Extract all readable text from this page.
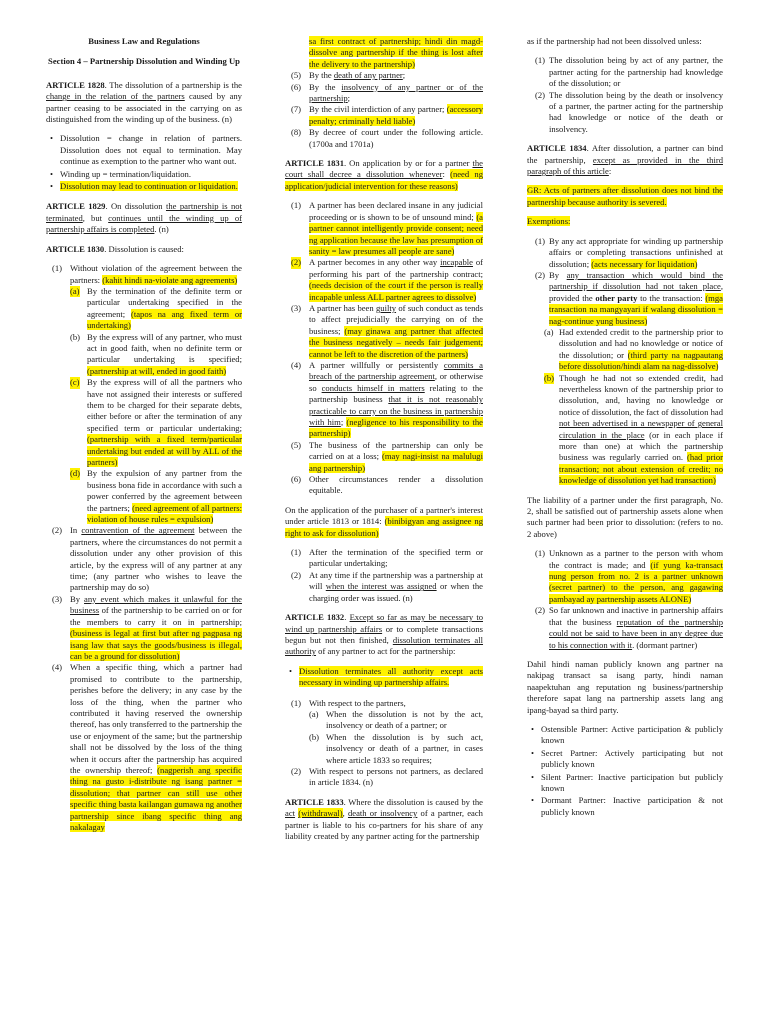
Business Law and Regulations
Section 4 – Partnership Dissolution and Winding Up

ARTICLE 1828. The dissolution of a partnership is the change in the relation of the partners caused by any partner ceasing to be associated in the carrying on as distinguished from the winding up of the business. (n)

• Dissolution = change in relation of partners. Dissolution does not equal to termination. May continue as exemption to the partner who want out.
• Winding up = termination/liquidation.
• Dissolution may lead to continuation or liquidation.

ARTICLE 1829. On dissolution the partnership is not terminated, but continues until the winding up of partnership affairs is completed. (n)

ARTICLE 1830. Dissolution is caused:

(1) Without violation of the agreement between the partners: (kahit hindi na-violate ang agreements)
(a) By the termination of the definite term or particular undertaking specified in the agreement; (tapos na ang fixed term or undertaking)
(b) By the express will of any partner, who must act in good faith, when no definite term or particular undertaking is specified; (partnership at will, ended in good faith)
(c) By the express will of all the partners who have not assigned their interests or suffered them to be charged for their separate debts, either before or after the termination of any specified term or particular undertaking; (partnership with a fixed term/particular undertaking but ended at will by ALL of the partners)
(d) By the expulsion of any partner from the business bona fide in accordance with such a power conferred by the agreement between the partners; (need agreement of all partners: violation of house rules = expulsion)
(2) In contravention of the agreement between the partners, where the circumstances do not permit a dissolution under any other provision of this article, by the express will of any partner at any time; (any partner who wishes to leave the partnership may do so)
(3) By any event which makes it unlawful for the business of the partnership to be carried on or for the members to carry it on in partnership; (business is legal at first but after ng pagpasa ng isang law that says the goods/business is illegal, can be a ground for dissolution)
(4) When a specific thing, which a partner had promised to contribute to the partnership, perishes before the delivery; in any case by the loss of the thing, when the partner who contributed it having reserved the ownership thereof, has only transferred to the partnership the use or enjoyment of the same; but the partnership shall not be dissolved by the loss of the thing when it occurs after the partnership has acquired the ownership thereof; (nagperish ang specific thing na gusto i-distribute ng isang partner = dissolution; that partner can still use other specific thing basta kailangan gumawa ng another partnership since ibang specific thing ang nakalagay
sa first contract of partnership; hindi din magd-dissolve ang partnership if the thing is lost after the delivery to the partnership)
(5) By the death of any partner;
(6) By the insolvency of any partner or of the partnership;
(7) By the civil interdiction of any partner; (accessory penalty; criminally held liable)
(8) By decree of court under the following article. (1700a and 1701a)

ARTICLE 1831. On application by or for a partner the court shall decree a dissolution whenever: (need ng application/judicial intervention for these reasons)

(1) A partner has been declared insane in any judicial proceeding or is shown to be of unsound mind; (a partner cannot intelligently provide consent; need ng application because the law has presumption of sanity = law presumes all people are sane)
(2) A partner becomes in any other way incapable of performing his part of the partnership contract; (needs decision of the court if the person is really incapable unless ALL partner agrees to dissolve)
(3) A partner has been guilty of such conduct as tends to affect prejudicially the carrying on of the business; (may ginawa ang partner that affected the business negatively – needs fair judgement; cannot be left to the discretion of the partners)
(4) A partner willfully or persistently commits a breach of the partnership agreement, or otherwise so conducts himself in matters relating to the partnership business that it is not reasonably practicable to carry on the business in partnership with him; (negligence to his responsibility to the partnership)
(5) The business of the partnership can only be carried on at a loss; (may nagi-insist na malulugi ang partnership)
(6) Other circumstances render a dissolution equitable.

On the application of the purchaser of a partner's interest under article 1813 or 1814: (binibigyan ang assignee ng right to ask for dissolution)

(1) After the termination of the specified term or particular undertaking;
(2) At any time if the partnership was a partnership at will when the interest was assigned or when the charging order was issued. (n)

ARTICLE 1832. Except so far as may be necessary to wind up partnership affairs or to complete transactions begun but not then finished, dissolution terminates all authority of any partner to act for the partnership:

• Dissolution terminates all authority except acts necessary in winding up partnership affairs.
(1) With respect to the partners,
(a) When the dissolution is not by the act, insolvency or death of a partner; or
(b) When the dissolution is by such act, insolvency or death of a partner, in cases where article 1833 so requires;
(2) With respect to persons not partners, as declared in article 1834. (n)

ARTICLE 1833. Where the dissolution is caused by the act (withdrawal), death or insolvency of a partner, each partner is liable to his co-partners for his share of any liability created by any partner acting for the partnership

as if the partnership had not been dissolved unless:

(1) The dissolution being by act of any partner, the partner acting for the partnership had knowledge of the dissolution; or
(2) The dissolution being by the death or insolvency of a partner, the partner acting for the partnership had knowledge or notice of the death or insolvency.

ARTICLE 1834. After dissolution, a partner can bind the partnership, except as provided in the third paragraph of this article:

GR: Acts of partners after dissolution does not bind the partnership because authority is severed.

Exemptions:

(1) By any act appropriate for winding up partnership affairs or completing transactions unfinished at dissolution; (acts necessary for liquidation)
(2) By any transaction which would bind the partnership if dissolution had not taken place, provided the other party to the transaction: (mga transaction na mangyayari if walang dissolution = nag-continue yung business)
(a) Had extended credit to the partnership prior to dissolution and had no knowledge or notice of the dissolution; or (third party na nagpautang before dissolution/hindi alam na nag-dissolve)
(b) Though he had not so extended credit, had nevertheless known of the partnership prior to dissolution, and, having no knowledge or notice of dissolution, the fact of dissolution had not been advertised in a newspaper of general circulation in the place (or in each place if more than one) at which the partnership business was regularly carried on. (had prior transaction; not about extension of credit; no knowledge of dissolution yet had transaction)

The liability of a partner under the first paragraph, No. 2, shall be satisfied out of partnership assets alone when such partner had been prior to dissolution: (refers to no. 2 above)

(1) Unknown as a partner to the person with whom the contract is made; and (if yung ka-transact nung person from no. 2 is a partner unknown (secret partner) to the person, ang gagawing pambayad ay partnership assets ALONE)
(2) So far unknown and inactive in partnership affairs that the business reputation of the partnership could not be said to have been in any degree due to his connection with it. (dormant partner)

Dahil hindi naman publicly known ang partner na nakipag transact sa isang party, hindi naman naapektuhan ang reputation ng business/partnership therefore sapat lang na partnership assets lang ang ipang-bayad sa third party.

• Ostensible Partner: Active participation & publicly known
• Secret Partner: Actively participating but not publicly known
• Silent Partner: Inactive participation but publicly known
• Dormant Partner: Inactive participation & not publicly known
